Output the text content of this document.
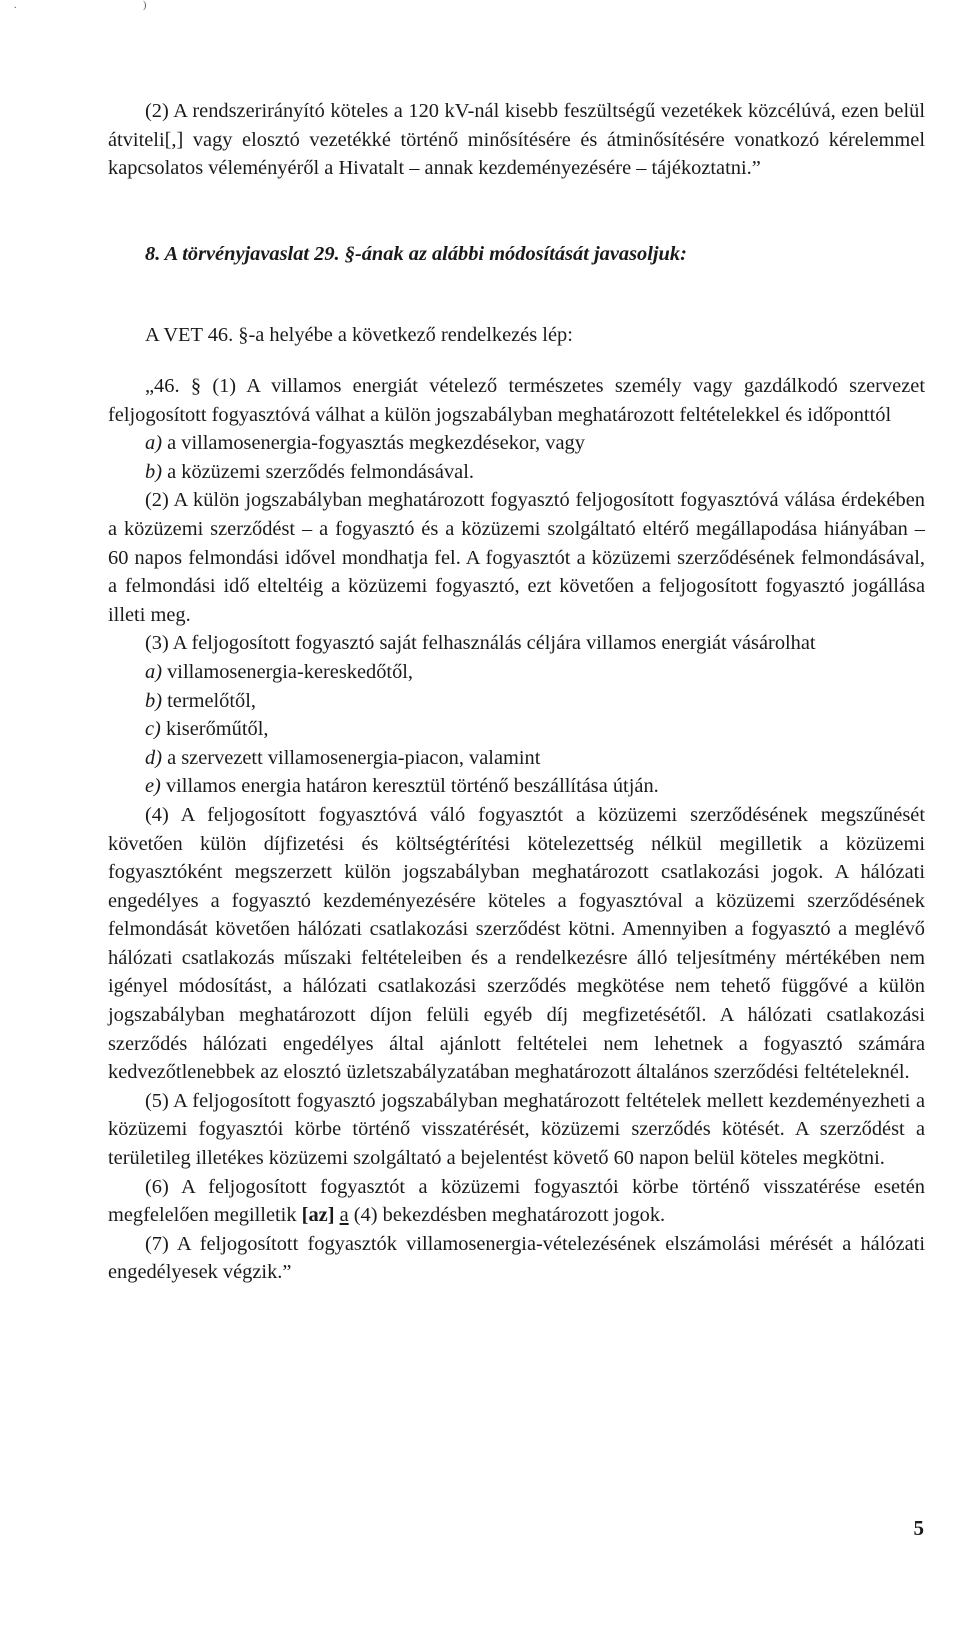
.	)

(2) A rendszerirányító köteles a 120 kV-nál kisebb feszültségű vezetékek közcélúvá, ezen belül átviteli[,] vagy elosztó vezetékké történő minősítésére és átminősítésére vonatkozó kérelemmel kapcsolatos véleményéről a Hivatalt – annak kezdeményezésére – tájékoztatni.”

8. A törvényjavaslat 29. §-ának az alábbi módosítását javasoljuk:

A VET 46. §-a helyébe a következő rendelkezés lép:

„46. § (1) A villamos energiát vételező természetes személy vagy gazdálkodó szervezet feljogosított fogyasztóvá válhat a külön jogszabályban meghatározott feltételekkel és időponttól

a) a villamosenergia-fogyasztás megkezdésekor, vagy

b) a közüzemi szerződés felmondásával.

(2) A külön jogszabályban meghatározott fogyasztó feljogosított fogyasztóvá válása érdekében a közüzemi szerződést – a fogyasztó és a közüzemi szolgáltató eltérő megállapodása hiányában – 60 napos felmondási idővel mondhatja fel. A fogyasztót a közüzemi szerződésének felmondásával, a felmondási idő elteltéig a közüzemi fogyasztó, ezt követően a feljogosított fogyasztó jogállása illeti meg.

(3) A feljogosított fogyasztó saját felhasználás céljára villamos energiát vásárolhat

a) villamosenergia-kereskedőtől,

b) termelőtől,

c) kiserőműtől,

d) a szervezett villamosenergia-piacon, valamint

e) villamos energia határon keresztül történő beszállítása útján.

(4) A feljogosított fogyasztóvá váló fogyasztót a közüzemi szerződésének megszűnését követően külön díjfizetési és költségtérítési kötelezettség nélkül megilletik a közüzemi fogyasztóként megszerzett külön jogszabályban meghatározott csatlakozási jogok. A hálózati engedélyes a fogyasztó kezdeményezésére köteles a fogyasztóval a közüzemi szerződésének felmondását követően hálózati csatlakozási szerződést kötni. Amennyiben a fogyasztó a meglévő hálózati csatlakozás műszaki feltételeiben és a rendelkezésre álló teljesítmény mértékében nem igényel módosítást, a hálózati csatlakozási szerződés megkötése nem tehető függővé a külön jogszabályban meghatározott díjon felüli egyéb díj megfizetésétől. A hálózati csatlakozási szerződés hálózati engedélyes által ajánlott feltételei nem lehetnek a fogyasztó számára kedvezőtlenebbek az elosztó üzletszabályzatában meghatározott általános szerződési feltételeknél.

(5) A feljogosított fogyasztó jogszabályban meghatározott feltételek mellett kezdeményezheti a közüzemi fogyasztói körbe történő visszatérését, közüzemi szerződés kötését. A szerződést a területileg illetékes közüzemi szolgáltató a bejelentést követő 60 napon belül köteles megkötni.

(6) A feljogosított fogyasztót a közüzemi fogyasztói körbe történő visszatérése esetén megfelelően megilletik [az] a (4) bekezdésben meghatározott jogok.

(7) A feljogosított fogyasztók villamosenergia-vételezésének elszámolási mérését a hálózati engedélyesek végzik.”

5
